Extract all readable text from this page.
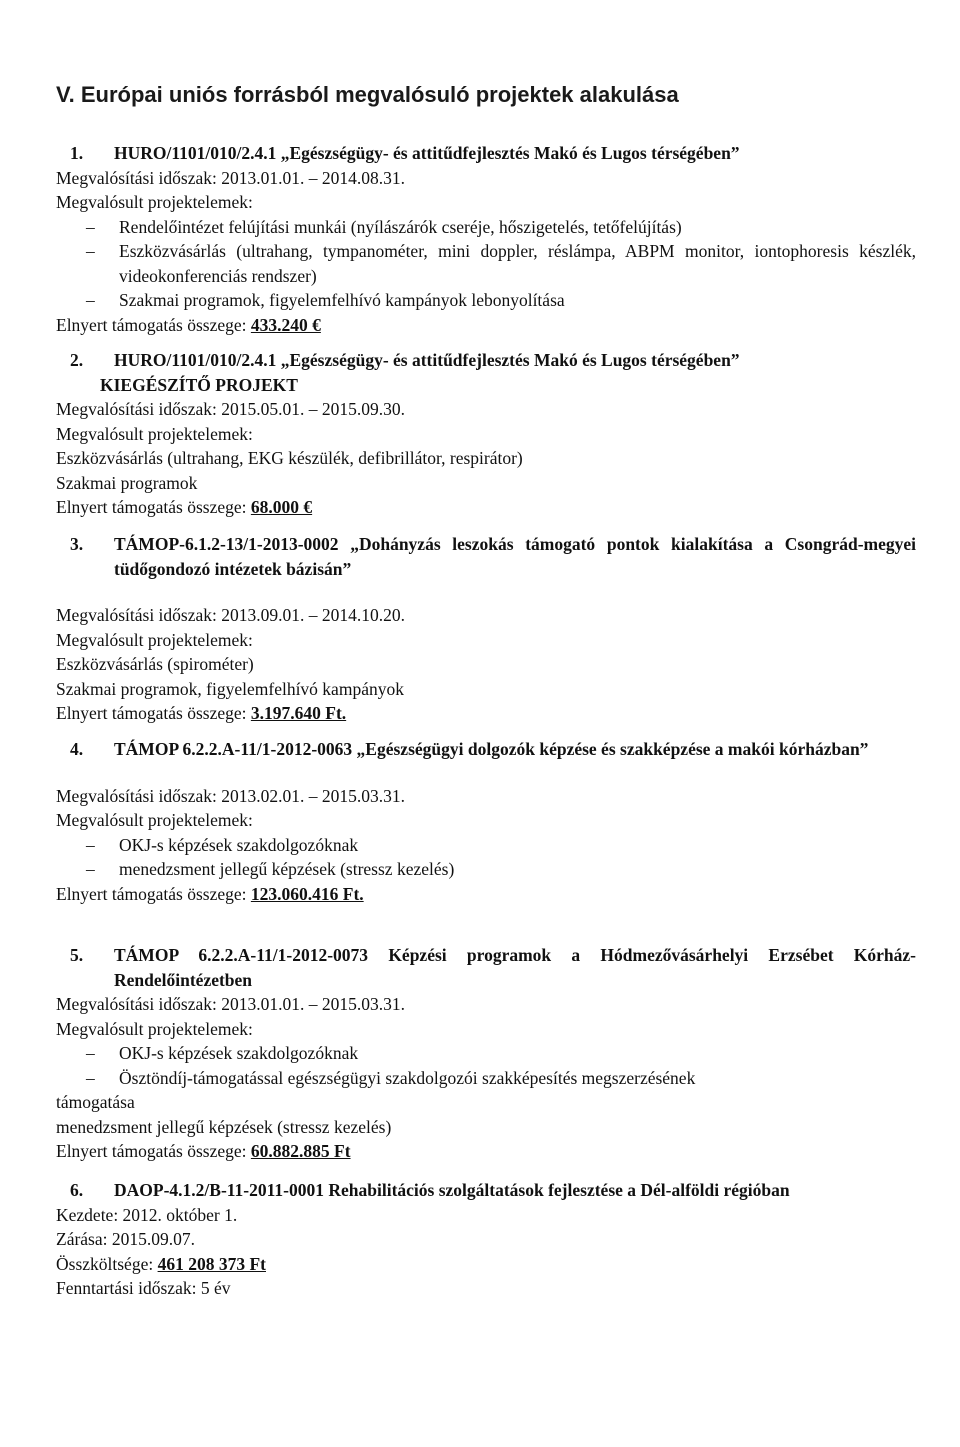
V. Európai uniós forrásból megvalósuló projektek alakulása
1.	HURO/1101/010/2.4.1 „Egészségügy- és attitűdfejlesztés Makó és Lugos térségében”
Megvalósítási időszak: 2013.01.01. – 2014.08.31.
Megvalósult projektelemek:
–	Rendelőintézet felújítási munkái (nyílászárók cseréje, hőszigetelés, tetőfelújítás)
–	Eszközvásárlás (ultrahang, tympanométer, mini doppler, réslámpa, ABPM monitor, iontophoresis készlék, videokonferenciás rendszer)
–	Szakmai programok, figyelemfelhívó kampányok lebonyolítása
Elnyert támogatás összege: 433.240 €
2.	HURO/1101/010/2.4.1 „Egészségügy- és attitűdfejlesztés Makó és Lugos térségében”
KIEGÉSZÍTŐ PROJEKT
Megvalósítási időszak: 2015.05.01. – 2015.09.30.
Megvalósult projektelemek:
Eszközvásárlás (ultrahang, EKG készülék, defibrillátor, respirátor)
Szakmai programok
Elnyert támogatás összege: 68.000 €
3.	TÁMOP-6.1.2-13/1-2013-0002 „Dohányzás leszokás támogató pontok kialakítása a Csongrád-megyei tüdőgondozó intézetek bázisán”
Megvalósítási időszak: 2013.09.01. – 2014.10.20.
Megvalósult projektelemek:
Eszközvásárlás (spirométer)
Szakmai programok, figyelemfelhívó kampányok
Elnyert támogatás összege: 3.197.640 Ft.
4.	TÁMOP 6.2.2.A-11/1-2012-0063 „Egészségügyi dolgozók képzése és szakképzése a makói kórházban”
Megvalósítási időszak: 2013.02.01. – 2015.03.31.
Megvalósult projektelemek:
–	OKJ-s képzések szakdolgozóknak
–	menedzsment jellegű képzések (stressz kezelés)
Elnyert támogatás összege: 123.060.416 Ft.
5.	TÁMOP 6.2.2.A-11/1-2012-0073 Képzési programok a Hódmezővásárhelyi Erzsébet Kórház- Rendelőintézetben
Megvalósítási időszak: 2013.01.01. – 2015.03.31.
Megvalósult projektelemek:
–	OKJ-s képzések szakdolgozóknak
–	Ösztöndíj-támogatással egészségügyi szakdolgozói szakképesítés megszerzésének
támogatása
menedzsment jellegű képzések (stressz kezelés)
Elnyert támogatás összege: 60.882.885 Ft
6.	DAOP-4.1.2/B-11-2011-0001 Rehabilitációs szolgáltatások fejlesztése a Dél-alföldi régióban
Kezdete: 2012. október 1.
Zárása: 2015.09.07.
Összköltsége: 461 208 373 Ft
Fenntartási időszak: 5 év
